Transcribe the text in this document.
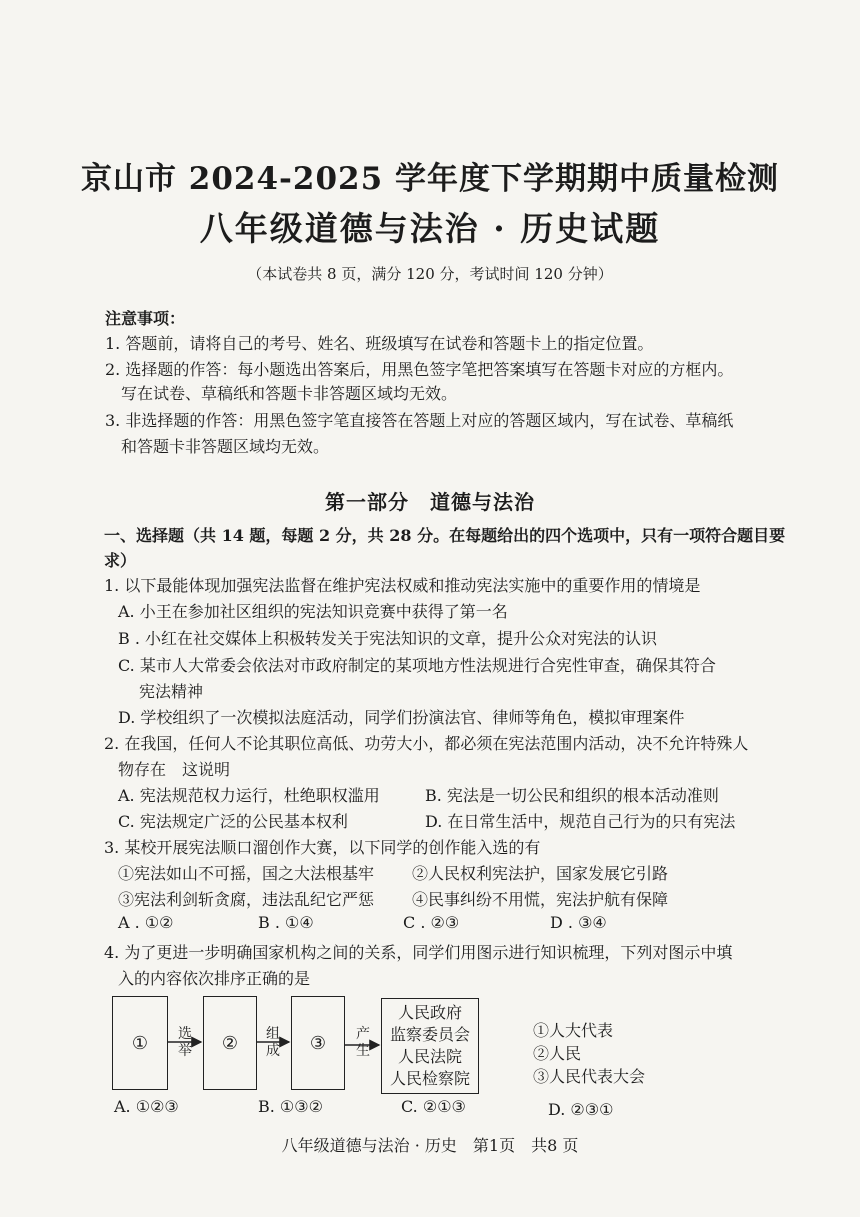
京山市 2024-2025 学年度下学期期中质量检测
八年级道德与法治 · 历史试题
（本试卷共 8 页，满分 120 分，考试时间 120 分钟）
注意事项：
1. 答题前，请将自己的考号、姓名、班级填写在试卷和答题卡上的指定位置。
2. 选择题的作答：每小题选出答案后，用黑色签字笔把答案填写在答题卡对应的方框内。
写在试卷、草稿纸和答题卡非答题区域均无效。
3. 非选择题的作答：用黑色签字笔直接答在答题上对应的答题区域内，写在试卷、草稿纸
和答题卡非答题区域均无效。
第一部分　道德与法治
一、选择题（共 14 题，每题 2 分，共 28 分。在每题给出的四个选项中，只有一项符合题目要
求）
1. 以下最能体现加强宪法监督在维护宪法权威和推动宪法实施中的重要作用的情境是
A. 小王在参加社区组织的宪法知识竞赛中获得了第一名
B . 小红在社交媒体上积极转发关于宪法知识的文章，提升公众对宪法的认识
C. 某市人大常委会依法对市政府制定的某项地方性法规进行合宪性审查，确保其符合
宪法精神
D. 学校组织了一次模拟法庭活动，同学们扮演法官、律师等角色，模拟审理案件
2. 在我国，任何人不论其职位高低、功劳大小，都必须在宪法范围内活动，决不允许特殊人
物存在　这说明
A. 宪法规范权力运行，杜绝职权滥用	B. 宪法是一切公民和组织的根本活动准则
C. 宪法规定广泛的公民基本权利	D. 在日常生活中，规范自己行为的只有宪法
3. 某校开展宪法顺口溜创作大赛，以下同学的创作能入选的有
①宪法如山不可摇，国之大法根基牢 ②人民权利宪法护，国家发展它引路
③宪法利剑斩贪腐，违法乱纪它严惩 ④民事纠纷不用慌，宪法护航有保障
A . ①②	B . ①④	C . ②③	D . ③④
4. 为了更进一步明确国家机构之间的关系，同学们用图示进行知识梳理，下列对图示中填
入的内容依次排序正确的是
①	②	③
人民政府
监察委员会
人民法院
人民检察院
选
举
组
成
产
生
①人大代表
②人民
③人民代表大会
A. ①②③	B. ①③②	C. ②①③	D. ②③①
八年级道德与法治 · 历史　第1页　共8 页
